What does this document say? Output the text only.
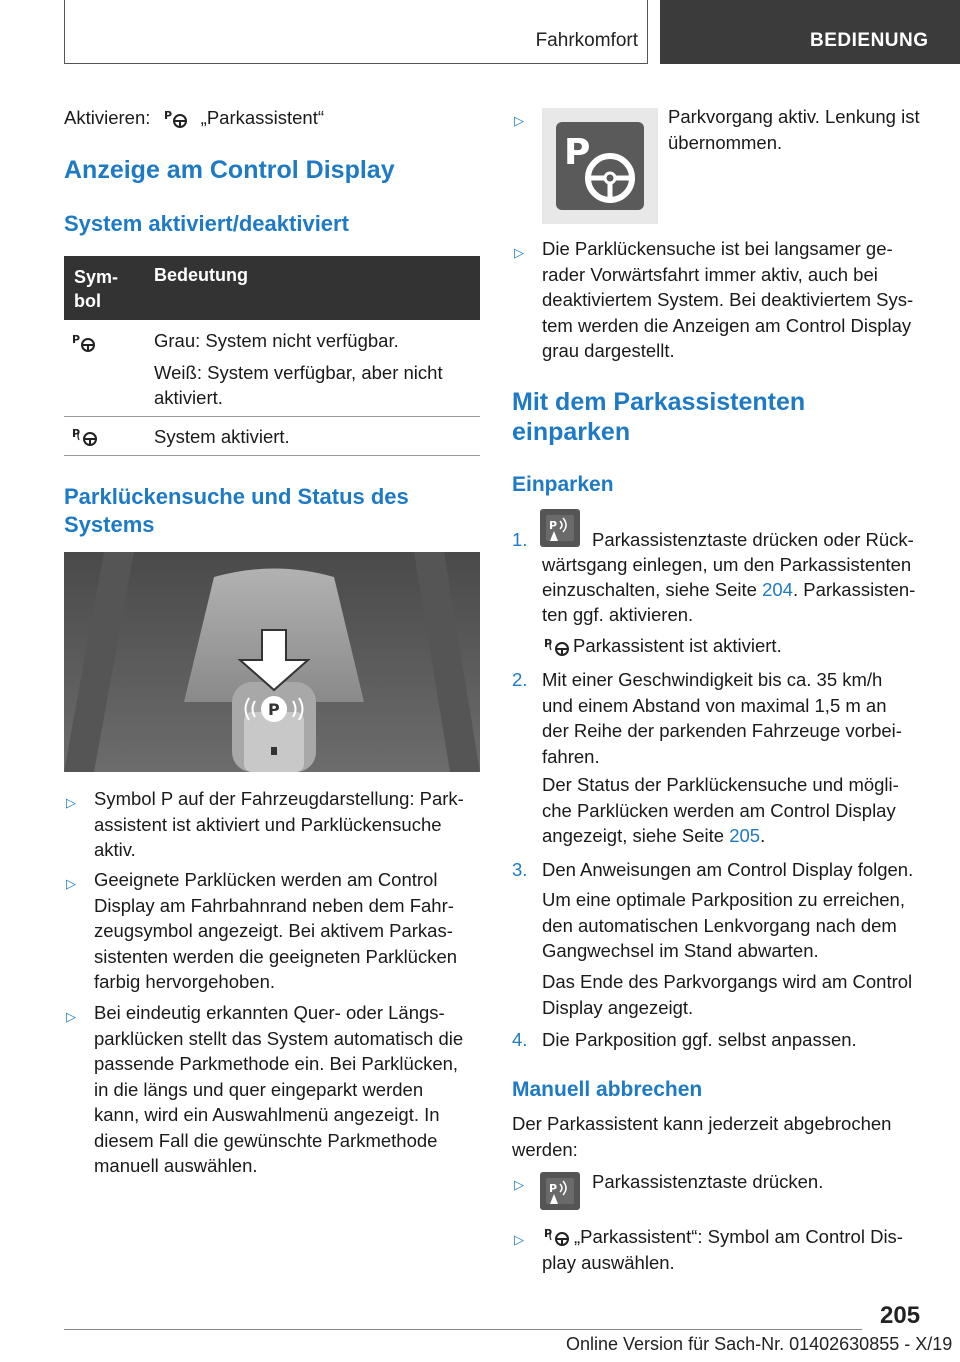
Fahrkomfort	BEDIENUNG
Aktivieren: P „Parkassistent“
Anzeige am Control Display
System aktiviert/deaktiviert
Sym-
bol
Bedeutung
P	Grau: System nicht verfügbar.
Weiß: System verfügbar, aber nicht
aktiviert.
P	System aktiviert.
Parklückensuche und Status des
Systems
P
▷ Symbol P auf der Fahrzeugdarstellung: Park-
assistent ist aktiviert und Parklückensuche
aktiv.
▷ Geeignete Parklücken werden am Control
Display am Fahrbahnrand neben dem Fahr-
zeugsymbol angezeigt. Bei aktivem Parkas-
sistenten werden die geeigneten Parklücken
farbig hervorgehoben.
▷ Bei eindeutig erkannten Quer- oder Längs-
parklücken stellt das System automatisch die
passende Parkmethode ein. Bei Parklücken,
in die längs und quer eingeparkt werden
kann, wird ein Auswahlmenü angezeigt. In
diesem Fall die gewünschte Parkmethode
manuell auswählen.
▷
P
Parkvorgang aktiv. Lenkung ist
übernommen.
▷ Die Parklückensuche ist bei langsamer ge-
rader Vorwärtsfahrt immer aktiv, auch bei
deaktiviertem System. Bei deaktiviertem Sys-
tem werden die Anzeigen am Control Display
grau dargestellt.
Mit dem Parkassistenten
einparken
Einparken
1.
P
Parkassistenztaste drücken oder Rück-
wärtsgang einlegen, um den Parkassistenten
einzuschalten, siehe Seite 204. Parkassisten-
ten ggf. aktivieren.
P Parkassistent ist aktiviert.
2. Mit einer Geschwindigkeit bis ca. 35 km/h
und einem Abstand von maximal 1,5 m an
der Reihe der parkenden Fahrzeuge vorbei-
fahren.
Der Status der Parklückensuche und mögli-
che Parklücken werden am Control Display
angezeigt, siehe Seite 205.
3. Den Anweisungen am Control Display folgen.
Um eine optimale Parkposition zu erreichen,
den automatischen Lenkvorgang nach dem
Gangwechsel im Stand abwarten.
Das Ende des Parkvorgangs wird am Control
Display angezeigt.
4. Die Parkposition ggf. selbst anpassen.
Manuell abbrechen
Der Parkassistent kann jederzeit abgebrochen
werden:
▷ P Parkassistenztaste drücken.
▷ P	„Parkassistent“: Symbol am Control Dis-
play auswählen.
205
Online Version für Sach-Nr. 01402630855 - X/19
